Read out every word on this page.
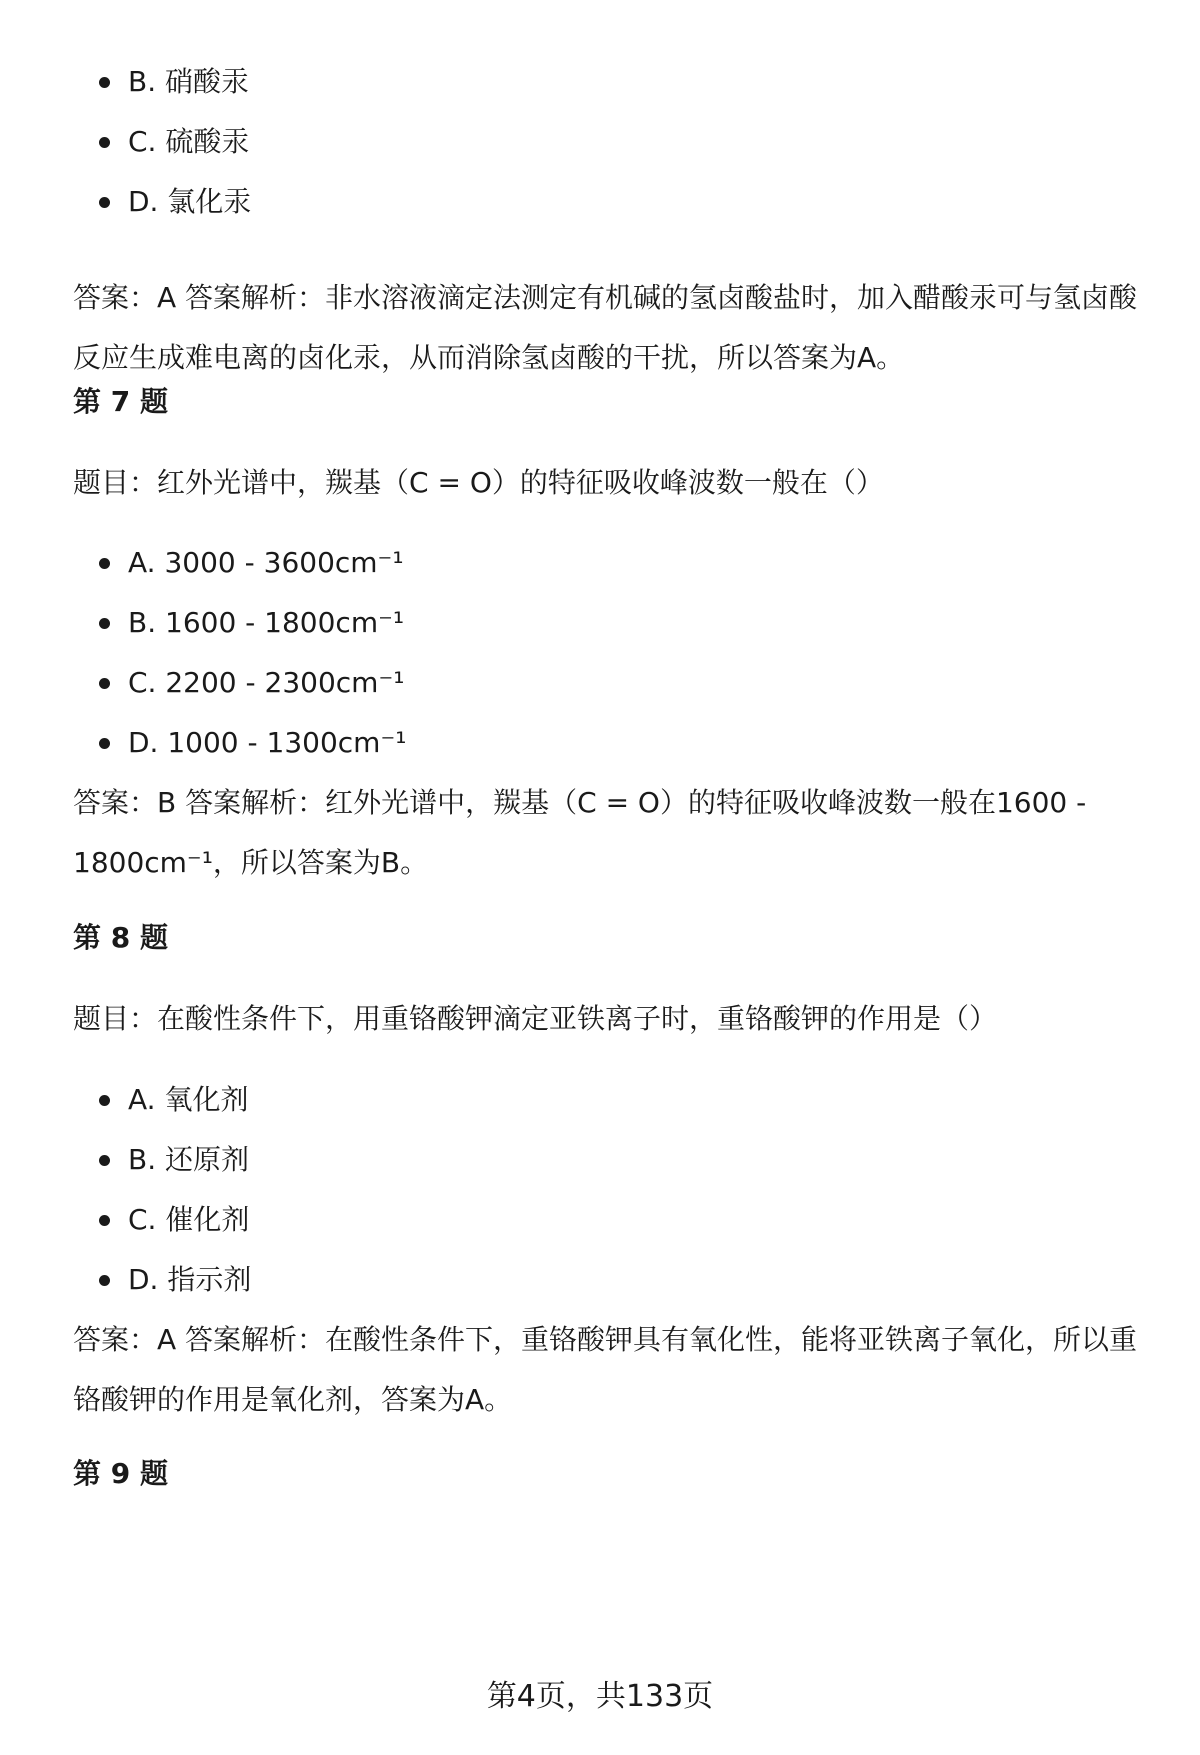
B. 硝酸汞
C. 硫酸汞
D. 氯化汞

答案：A 答案解析：非水溶液滴定法测定有机碱的氢卤酸盐时，加入醋酸汞可与氢卤酸反应生成难电离的卤化汞，从而消除氢卤酸的干扰，所以答案为A。

第 7 题

题目：红外光谱中，羰基（C = O）的特征吸收峰波数一般在（）

A. 3000 - 3600cm⁻¹
B. 1600 - 1800cm⁻¹
C. 2200 - 2300cm⁻¹
D. 1000 - 1300cm⁻¹

答案：B 答案解析：红外光谱中，羰基（C = O）的特征吸收峰波数一般在1600 - 1800cm⁻¹，所以答案为B。

第 8 题

题目：在酸性条件下，用重铬酸钾滴定亚铁离子时，重铬酸钾的作用是（）

A. 氧化剂
B. 还原剂
C. 催化剂
D. 指示剂

答案：A 答案解析：在酸性条件下，重铬酸钾具有氧化性，能将亚铁离子氧化，所以重铬酸钾的作用是氧化剂，答案为A。

第 9 题
第4页，共133页
